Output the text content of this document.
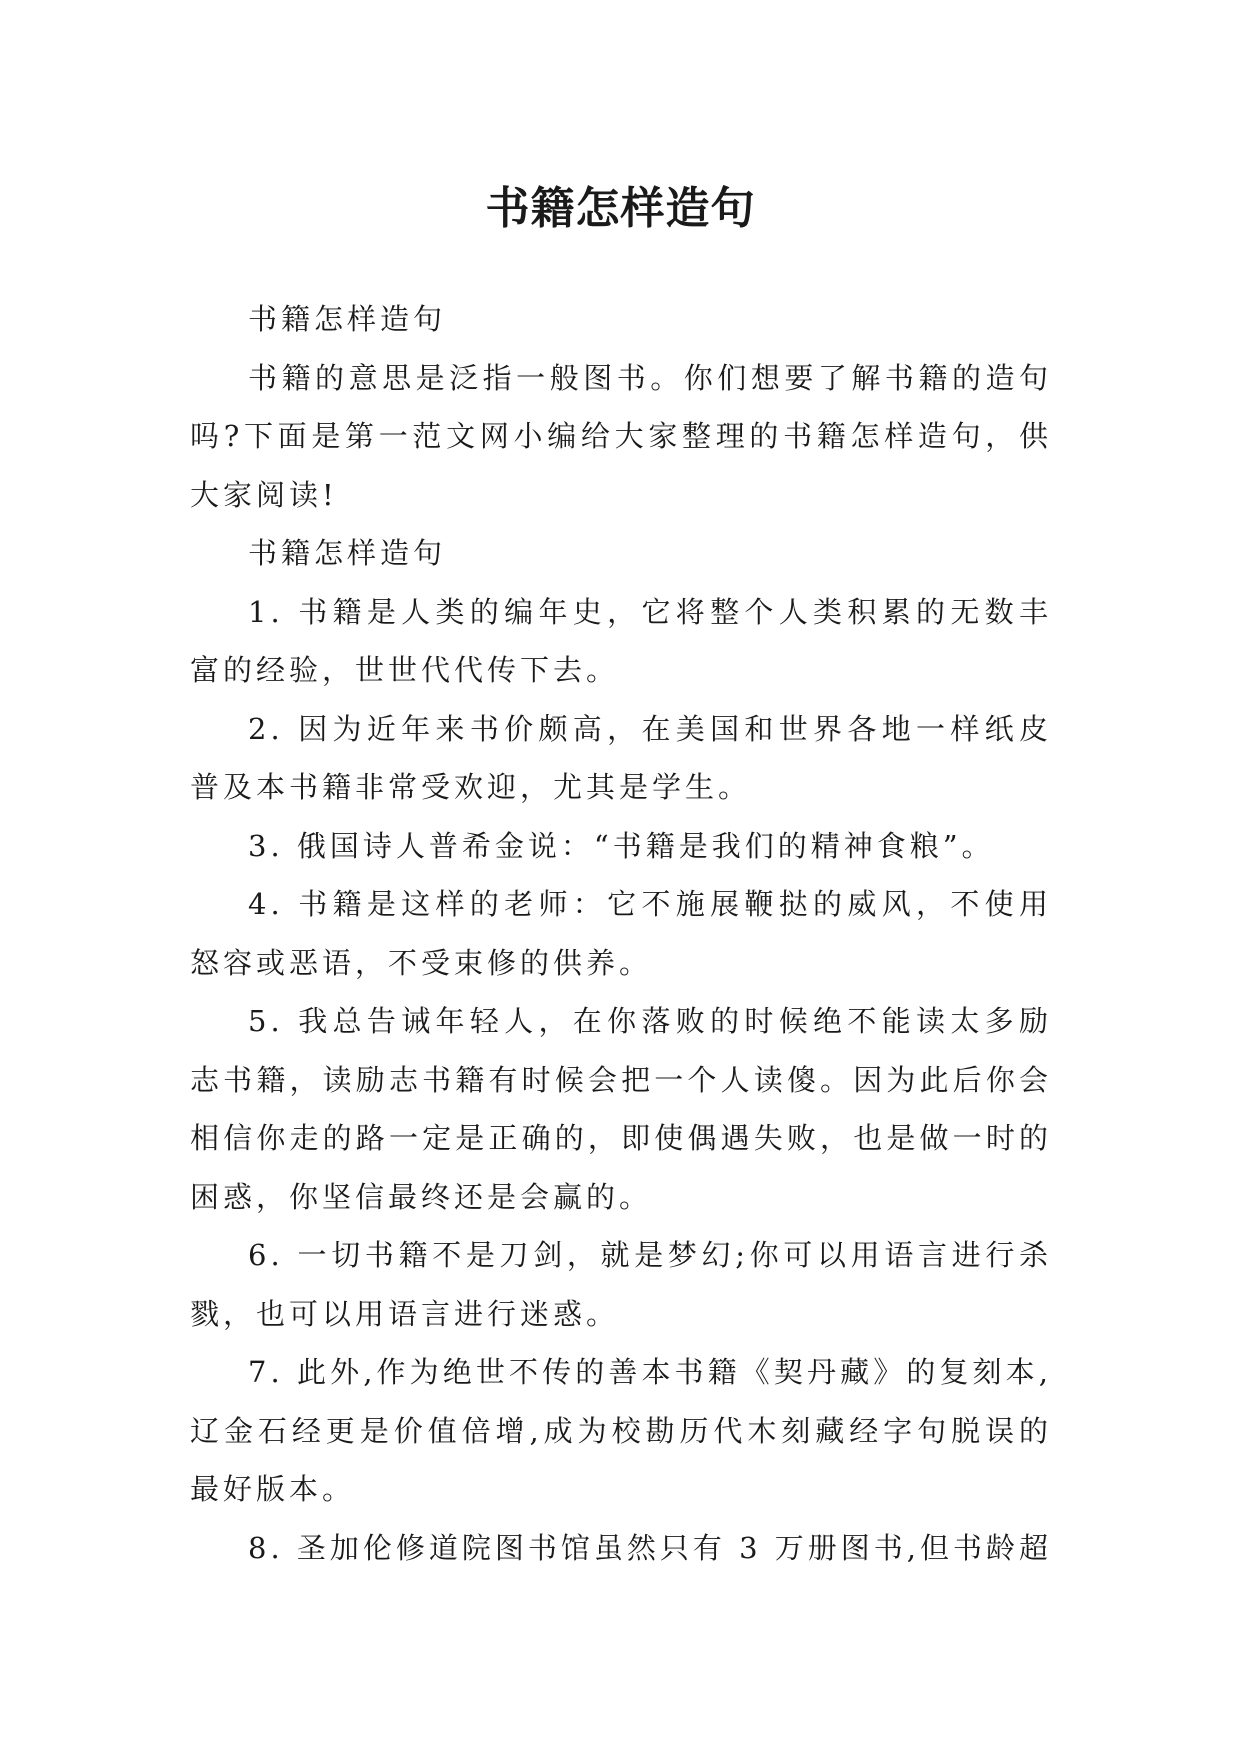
书籍怎样造句

书籍怎样造句

书籍的意思是泛指一般图书。你们想要了解书籍的造句吗?下面是第一范文网小编给大家整理的书籍怎样造句，供大家阅读!

书籍怎样造句

1. 书籍是人类的编年史，它将整个人类积累的无数丰富的经验，世世代代传下去。

2. 因为近年来书价颇高，在美国和世界各地一样纸皮普及本书籍非常受欢迎，尤其是学生。

3. 俄国诗人普希金说：“书籍是我们的精神食粮”。

4. 书籍是这样的老师：它不施展鞭挞的威风，不使用怒容或恶语，不受束修的供养。

5. 我总告诫年轻人，在你落败的时候绝不能读太多励志书籍，读励志书籍有时候会把一个人读傻。因为此后你会相信你走的路一定是正确的，即使偶遇失败，也是做一时的困惑，你坚信最终还是会赢的。

6. 一切书籍不是刀剑，就是梦幻;你可以用语言进行杀戮，也可以用语言进行迷惑。

7. 此外,作为绝世不传的善本书籍《契丹藏》的复刻本,辽金石经更是价值倍增,成为校勘历代木刻藏经字句脱误的最好版本。

8. 圣加伦修道院图书馆虽然只有 3 万册图书,但书龄超
